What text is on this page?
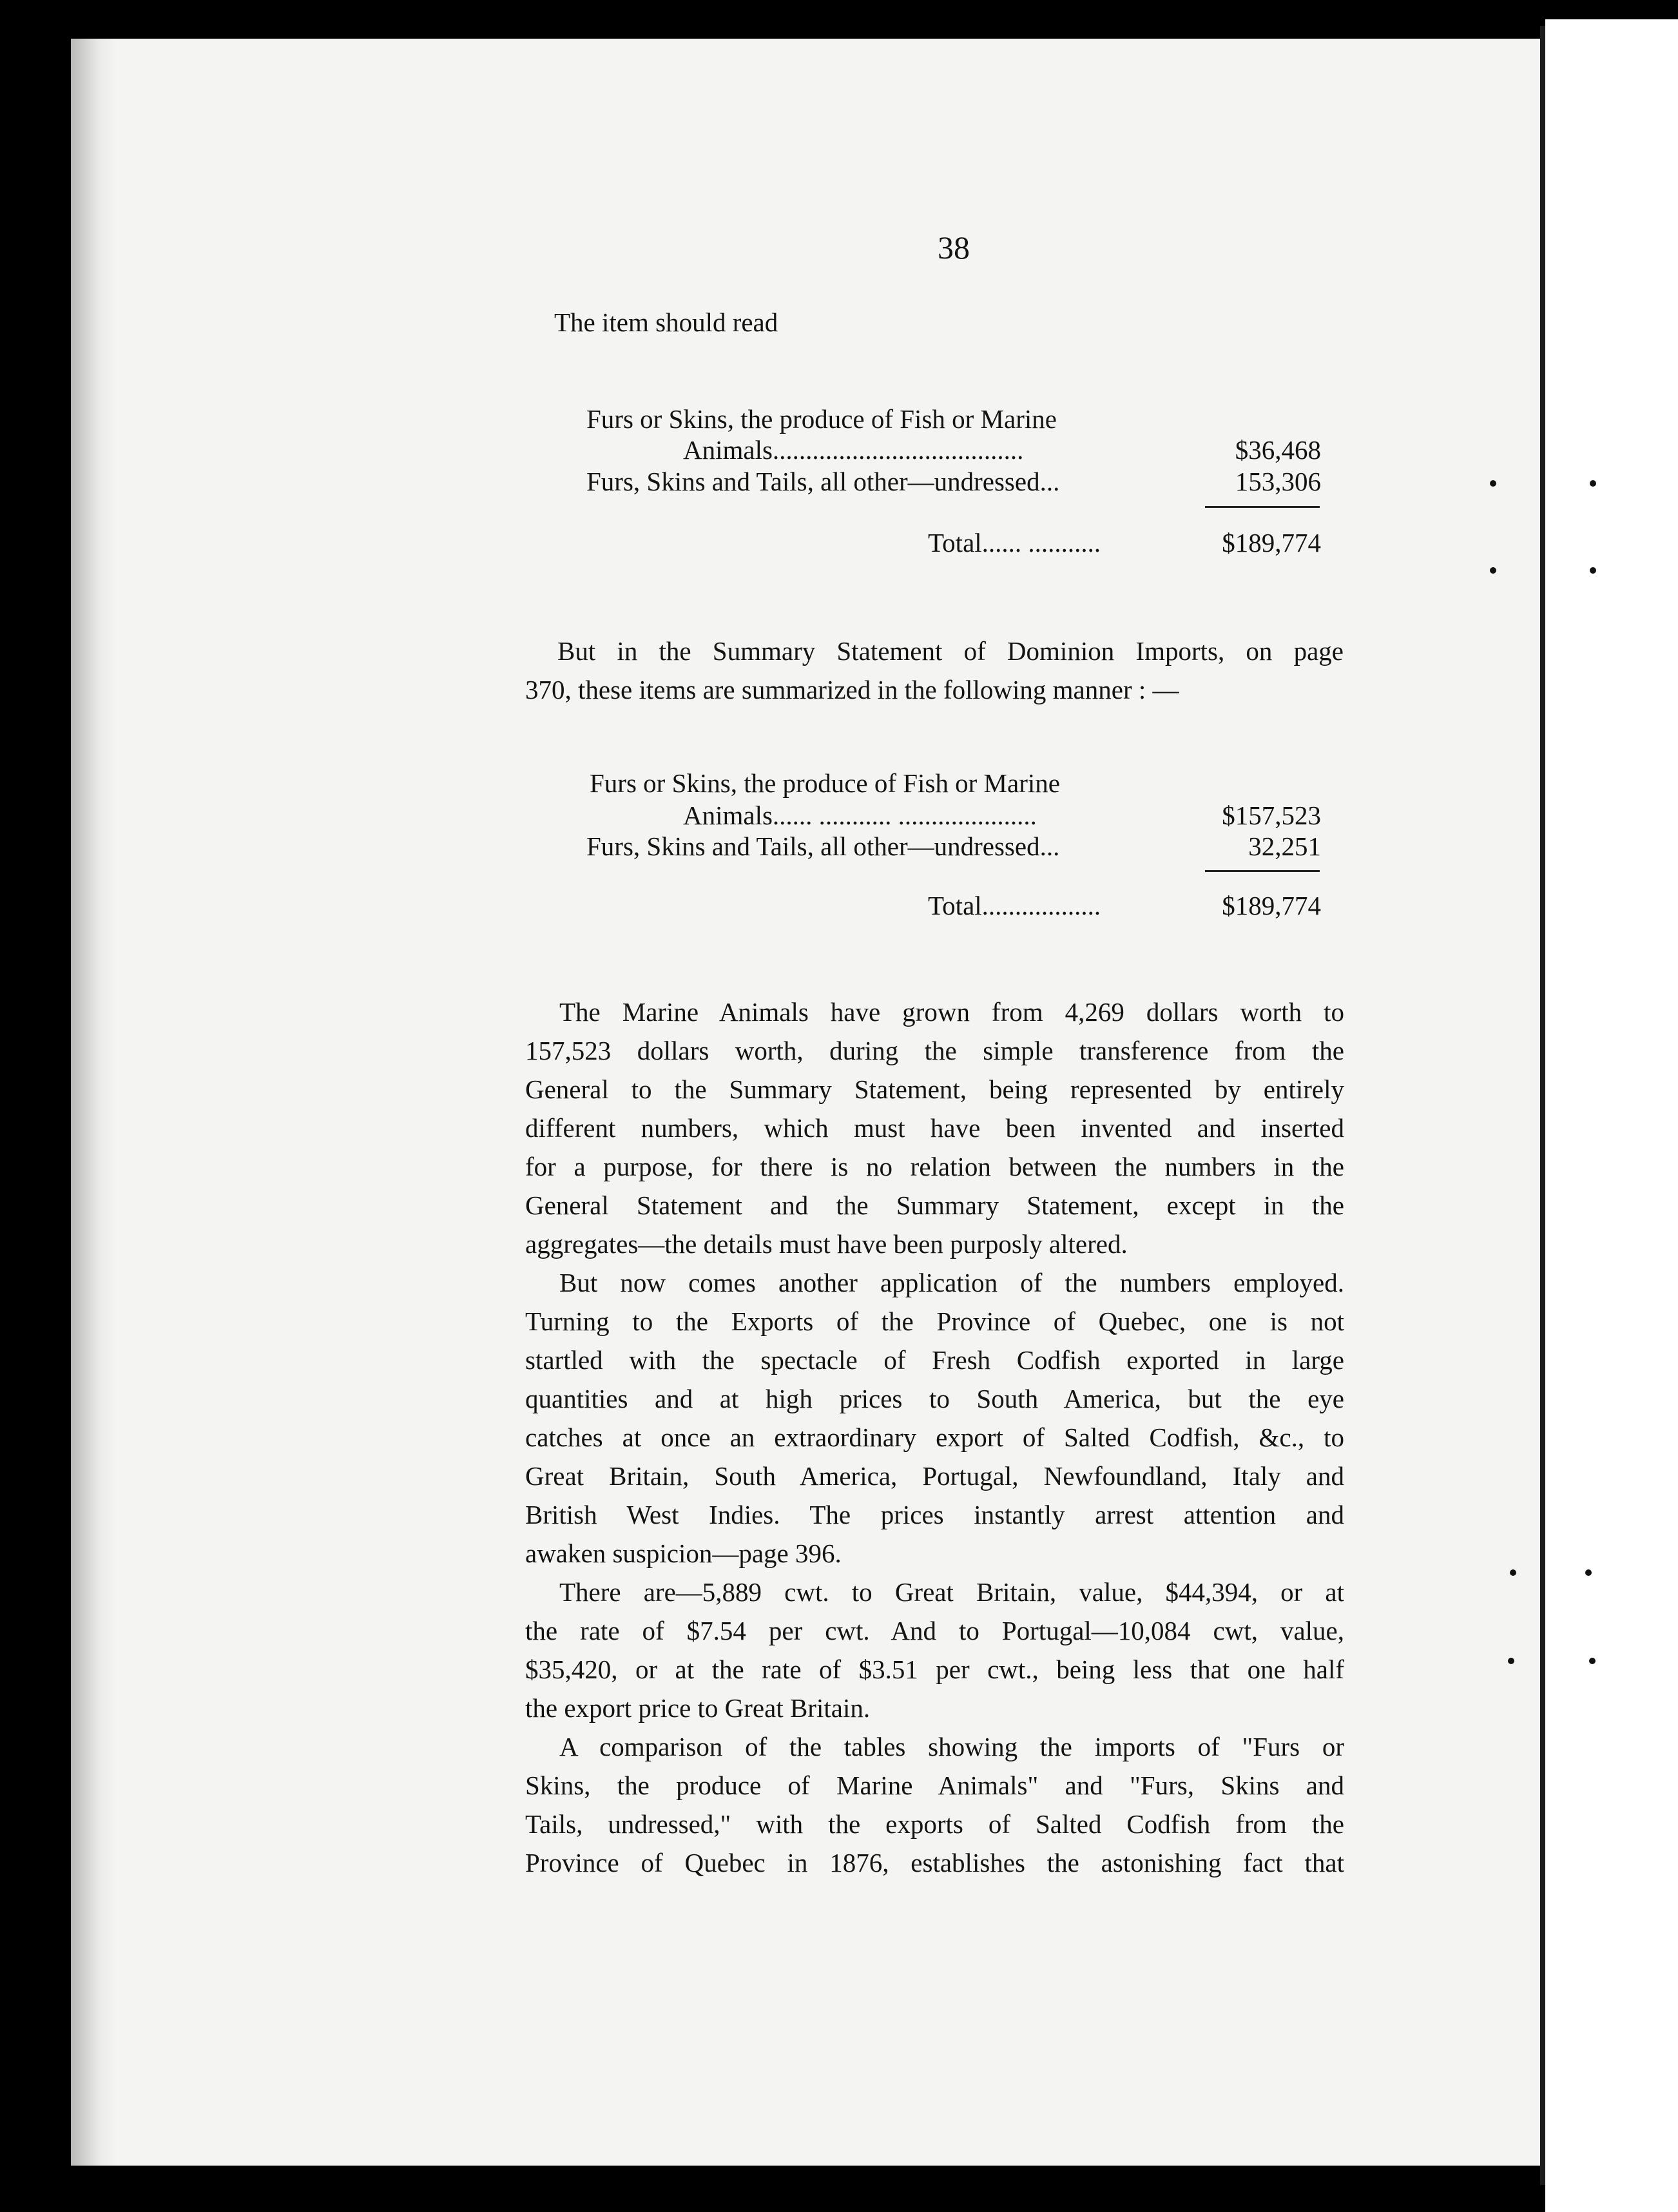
38
The item should read
Furs or Skins, the produce of Fish or Marine
Animals......................................	$36,468
Furs, Skins and Tails, all other—undressed...	153,306
Total...... ...........	$189,774
But in the Summary Statement of Dominion Imports, on page
370, these items are summarized in the following manner : —
Furs or Skins, the produce of Fish or Marine
Animals...... ........... .....................	$157,523
Furs, Skins and Tails, all other—undressed...	32,251
Total..................	$189,774
The Marine Animals have grown from 4,269 dollars worth to
157,523 dollars worth, during the simple transference from the
General to the Summary Statement, being represented by entirely
different numbers, which must have been invented and inserted
for a purpose, for there is no relation between the numbers in the
General Statement and the Summary Statement, except in the
aggregates—the details must have been purposly altered.
But now comes another application of the numbers employed.
Turning to the Exports of the Province of Quebec, one is not
startled with the spectacle of Fresh Codfish exported in large
quantities and at high prices to South America, but the eye
catches at once an extraordinary export of Salted Codfish, &c., to
Great Britain, South America, Portugal, Newfoundland, Italy and
British West Indies. The prices instantly arrest attention and
awaken suspicion—page 396.
There are—5,889 cwt. to Great Britain, value, $44,394, or at
the rate of $7.54 per cwt. And to Portugal—10,084 cwt, value,
$35,420, or at the rate of $3.51 per cwt., being less that one half
the export price to Great Britain.
A comparison of the tables showing the imports of "Furs or
Skins, the produce of Marine Animals" and "Furs, Skins and
Tails, undressed," with the exports of Salted Codfish from the
Province of Quebec in 1876, establishes the astonishing fact that
